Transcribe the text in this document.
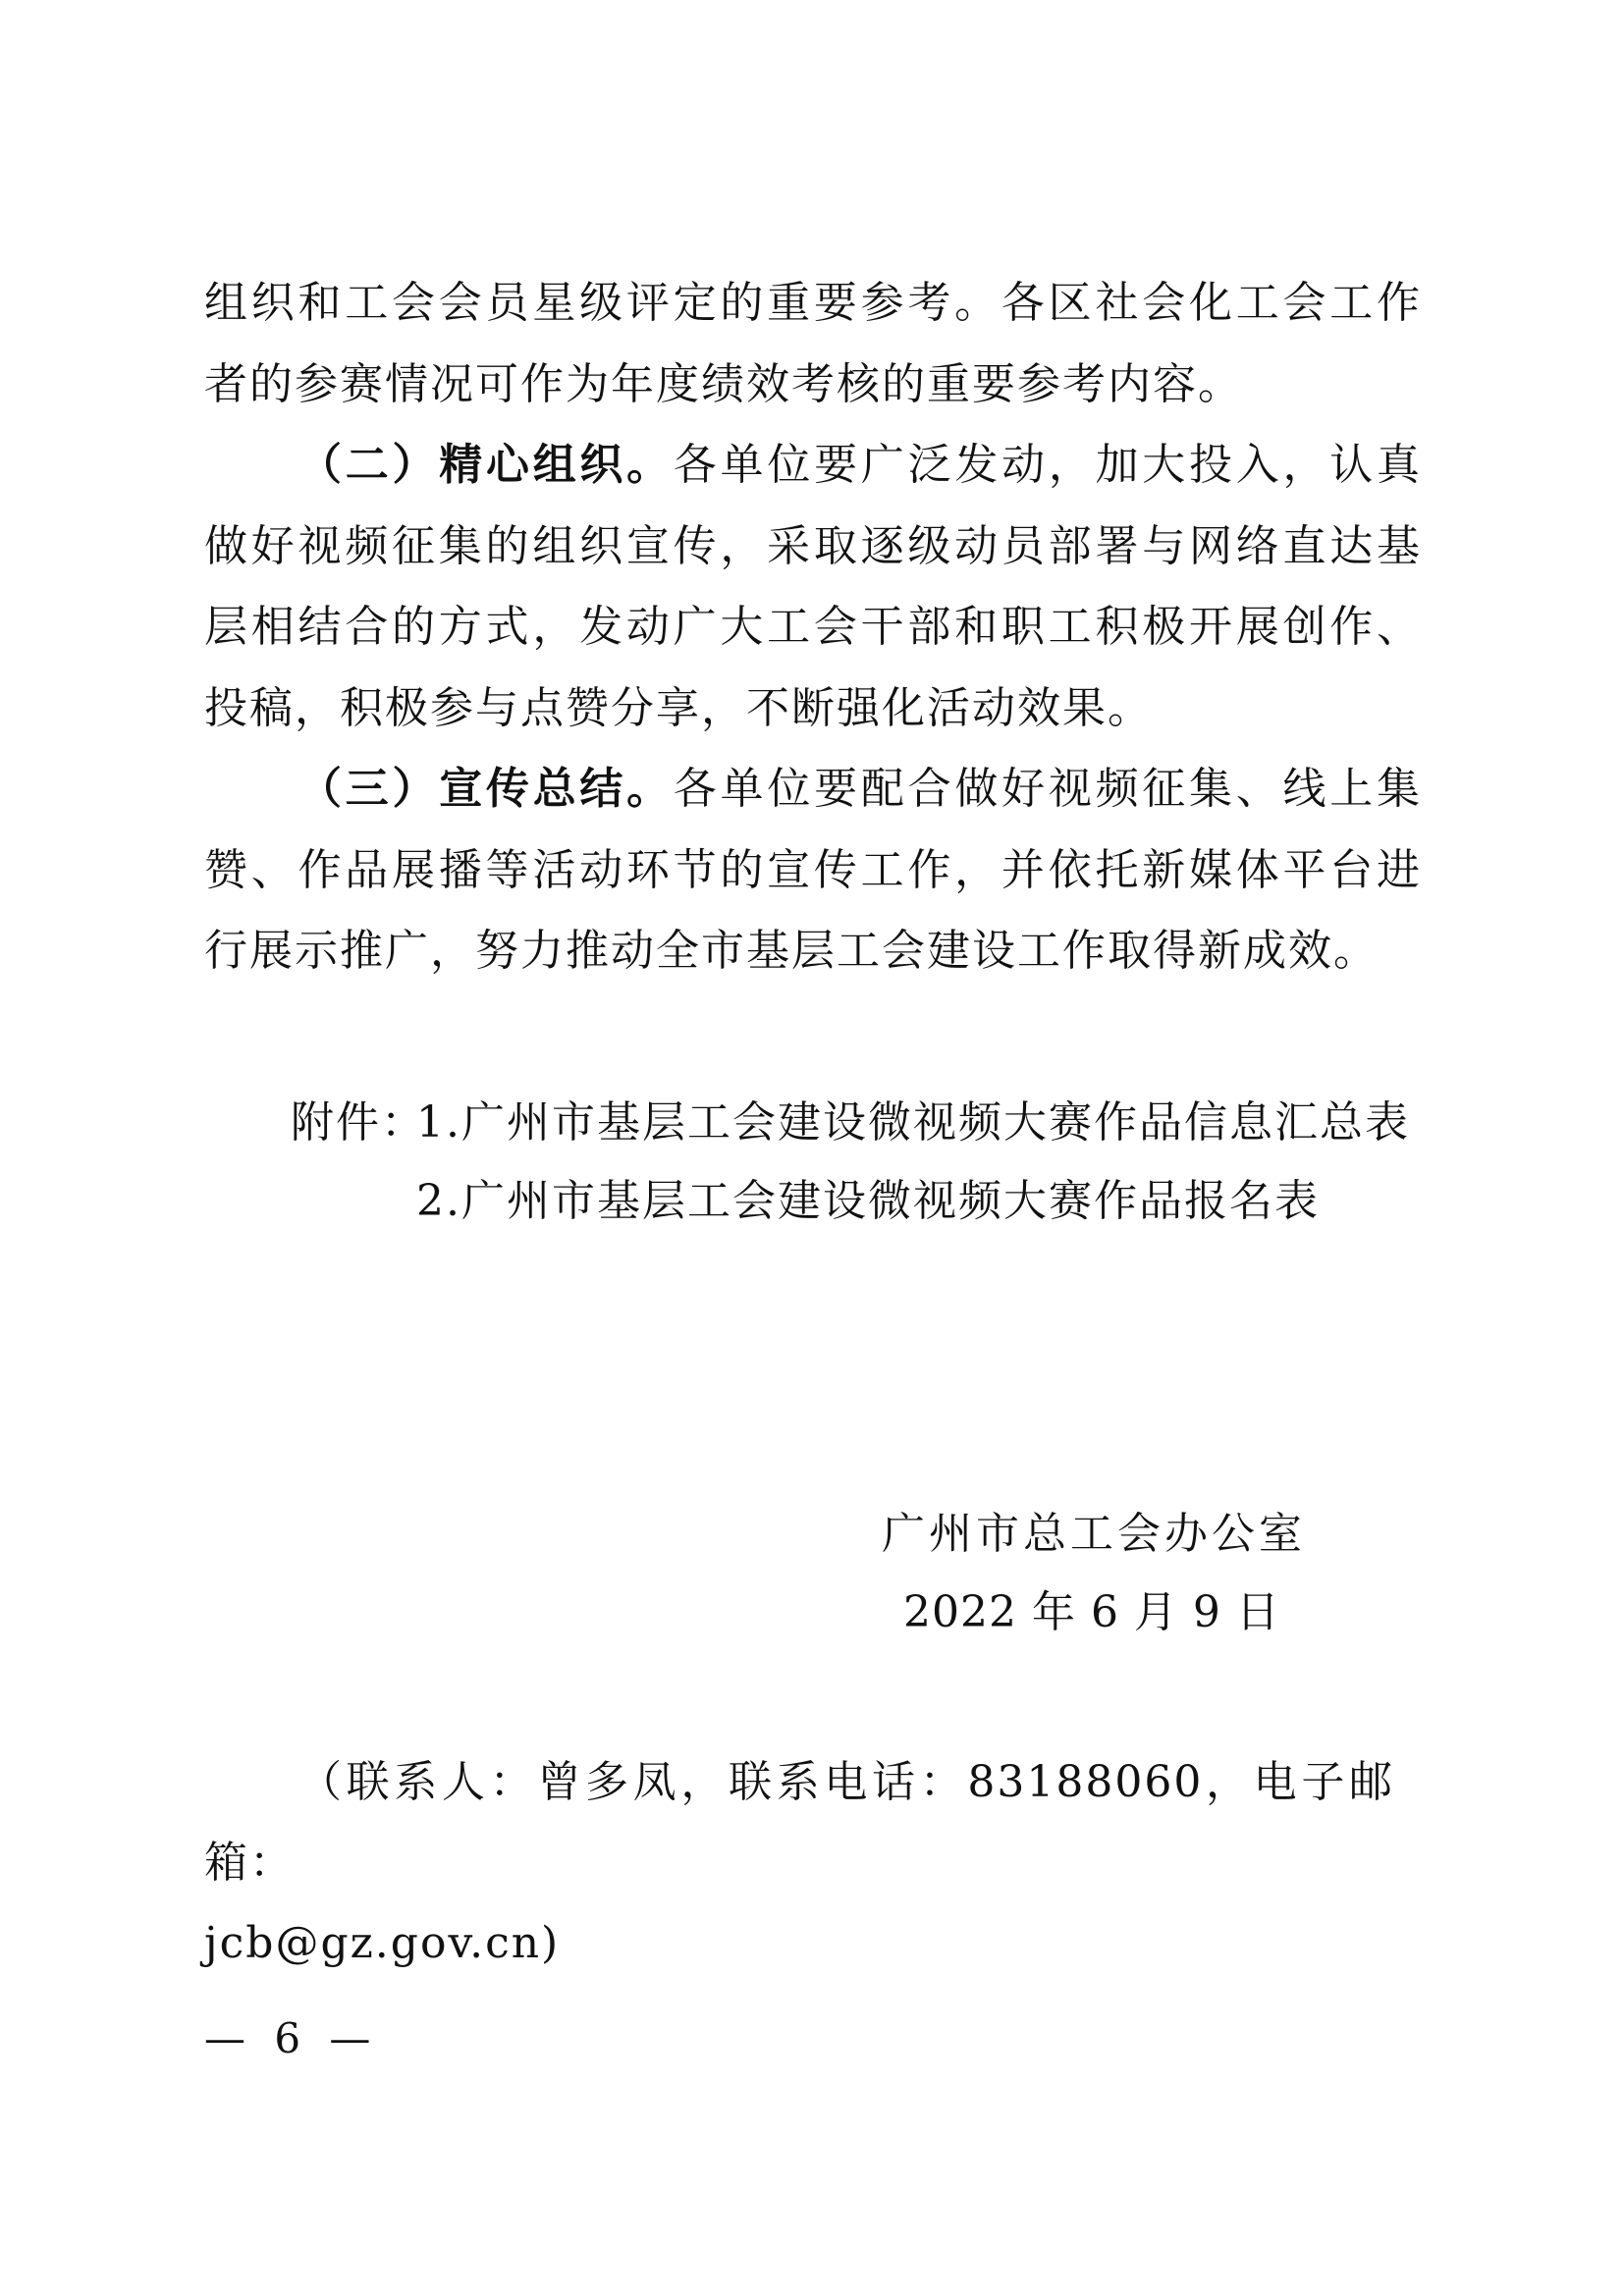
组织和工会会员星级评定的重要参考。各区社会化工会工作者的参赛情况可作为年度绩效考核的重要参考内容。

（二）精心组织。各单位要广泛发动，加大投入，认真做好视频征集的组织宣传，采取逐级动员部署与网络直达基层相结合的方式，发动广大工会干部和职工积极开展创作、投稿，积极参与点赞分享，不断强化活动效果。

（三）宣传总结。各单位要配合做好视频征集、线上集赞、作品展播等活动环节的宣传工作，并依托新媒体平台进行展示推广，努力推动全市基层工会建设工作取得新成效。

附件：
1.广州市基层工会建设微视频大赛作品信息汇总表
2.广州市基层工会建设微视频大赛作品报名表
广州市总工会办公室
2022 年 6 月 9 日

（联系人：曾多凤，联系电话：83188060，电子邮箱：

jcb@gz.gov.cn)

— 6 —
